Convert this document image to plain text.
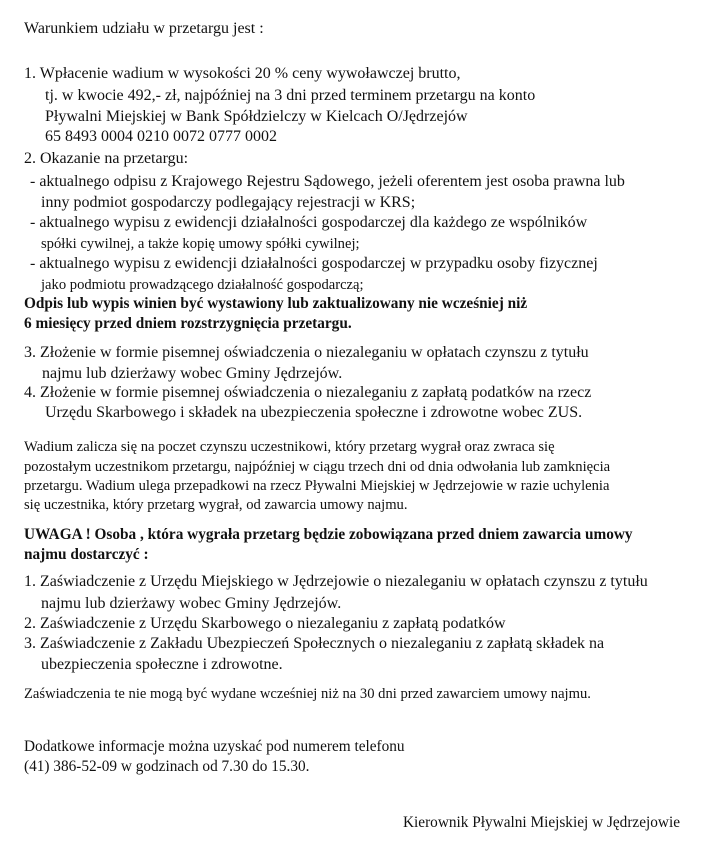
Warunkiem udziału w przetargu jest :

1. Wpłacenie wadium w wysokości 20 % ceny wywoławczej brutto,

tj. w kwocie 492,- zł, najpóźniej na 3 dni przed terminem przetargu na konto

Pływalni Miejskiej w Bank Spółdzielczy w Kielcach O/Jędrzejów

65 8493 0004 0210 0072 0777 0002

2. Okazanie na przetargu:

- aktualnego odpisu z Krajowego Rejestru Sądowego, jeżeli oferentem jest osoba prawna lub

inny podmiot gospodarczy podlegający rejestracji w KRS;

- aktualnego wypisu z ewidencji działalności gospodarczej dla każdego ze wspólników

spółki cywilnej, a także kopię umowy spółki cywilnej;

- aktualnego wypisu z ewidencji działalności gospodarczej w przypadku osoby fizycznej

jako podmiotu prowadzącego działalność gospodarczą;

Odpis lub wypis winien być wystawiony lub zaktualizowany nie wcześniej niż

6 miesięcy przed dniem rozstrzygnięcia przetargu.

3. Złożenie w formie pisemnej oświadczenia o niezaleganiu w opłatach czynszu z tytułu

najmu lub dzierżawy wobec Gminy Jędrzejów.

4. Złożenie w formie pisemnej oświadczenia o niezaleganiu z zapłatą podatków na rzecz

Urzędu Skarbowego i składek na ubezpieczenia społeczne i zdrowotne wobec ZUS.

Wadium zalicza się na poczet czynszu uczestnikowi, który przetarg wygrał oraz zwraca się

pozostałym uczestnikom przetargu, najpóźniej w ciągu trzech dni od dnia odwołania lub zamknięcia

przetargu. Wadium ulega przepadkowi na rzecz Pływalni Miejskiej w Jędrzejowie w razie uchylenia

się uczestnika, który przetarg wygrał, od zawarcia umowy najmu.

UWAGA ! Osoba , która wygrała przetarg będzie zobowiązana przed dniem zawarcia umowy

najmu dostarczyć :

1. Zaświadczenie z Urzędu Miejskiego w Jędrzejowie o niezaleganiu w opłatach czynszu z tytułu

najmu lub dzierżawy wobec Gminy Jędrzejów.

2. Zaświadczenie z Urzędu Skarbowego o niezaleganiu z zapłatą podatków

3. Zaświadczenie z Zakładu Ubezpieczeń Społecznych o niezaleganiu z zapłatą składek na

ubezpieczenia społeczne i zdrowotne.

Zaświadczenia te nie mogą być wydane wcześniej niż na 30 dni przed zawarciem umowy najmu.

Dodatkowe informacje można uzyskać pod numerem telefonu

(41) 386-52-09 w godzinach od 7.30 do 15.30.

Kierownik Pływalni Miejskiej w Jędrzejowie
